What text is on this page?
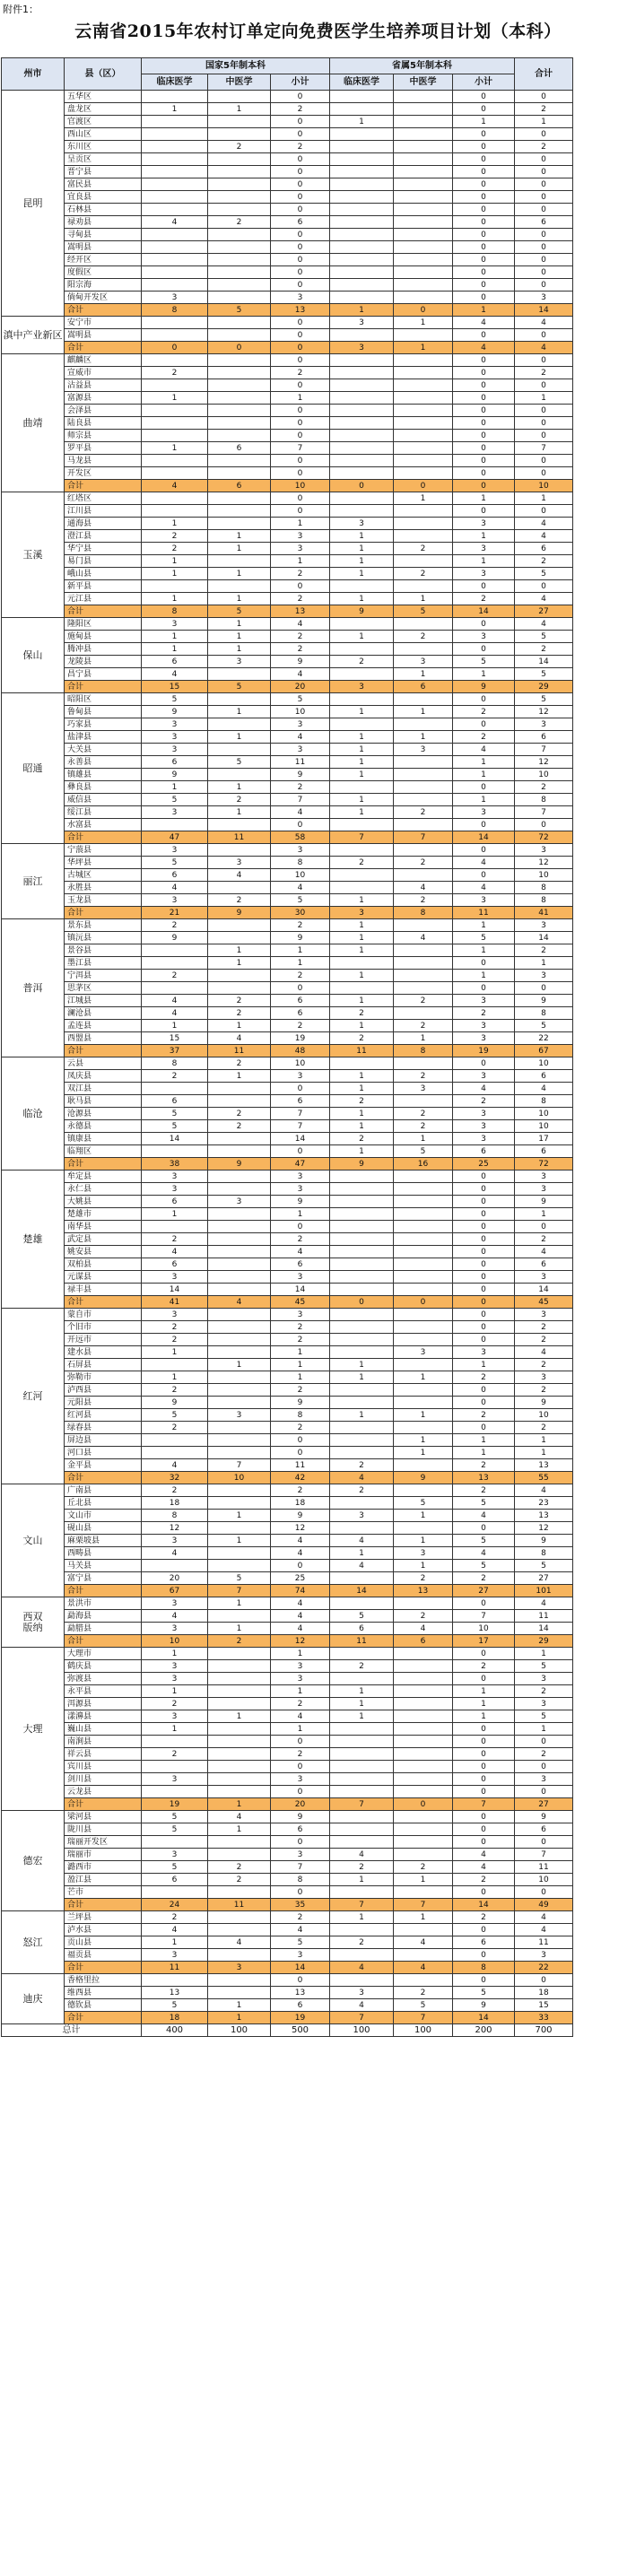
附件1：
云南省2015年农村订单定向免费医学生培养项目计划（本科）
州市	县（区）	国家5年制本科			省属5年制本科			合计
		临床医学	中医学	小计	临床医学	中医学	小计	
昆明	五华区			0			0	0
	盘龙区	1	1	2			0	2
	官渡区			0	1		1	1
	西山区			0			0	0
	东川区		2	2			0	2
	呈贡区			0			0	0
	晋宁县			0			0	0
	富民县			0			0	0
	宜良县			0			0	0
	石林县			0			0	0
	禄劝县	4	2	6			0	6
	寻甸县			0			0	0
	嵩明县			0			0	0
	经开区			0			0	0
	度假区			0			0	0
	阳宗海			0			0	0
	倘甸开发区	3		3			0	3
	合计	8	5	13	1	0	1	14
滇中产业新区	安宁市			0	3	1	4	4
	嵩明县			0			0	0
	合计	0	0	0	3	1	4	4
曲靖	麒麟区			0			0	0
	宣威市	2		2			0	2
	沾益县			0			0	0
	富源县	1		1			0	1
	会泽县			0			0	0
	陆良县			0			0	0
	师宗县			0			0	0
	罗平县	1	6	7			0	7
	马龙县			0			0	0
	开发区			0			0	0
	合计	4	6	10	0	0	0	10
玉溪	红塔区			0		1	1	1
	江川县			0			0	0
	通海县	1		1	3		3	4
	澄江县	2	1	3	1		1	4
	华宁县	2	1	3	1	2	3	6
	易门县	1		1	1		1	2
	峨山县	1	1	2	1	2	3	5
	新平县			0			0	0
	元江县	1	1	2	1	1	2	4
	合计	8	5	13	9	5	14	27
保山	隆阳区	3	1	4			0	4
	施甸县	1	1	2	1	2	3	5
	腾冲县	1	1	2			0	2
	龙陵县	6	3	9	2	3	5	14
	昌宁县	4		4		1	1	5
	合计	15	5	20	3	6	9	29
昭通	昭阳区	5		5			0	5
	鲁甸县	9	1	10	1	1	2	12
	巧家县	3		3			0	3
	盐津县	3	1	4	1	1	2	6
	大关县	3		3	1	3	4	7
	永善县	6	5	11	1		1	12
	镇雄县	9		9	1		1	10
	彝良县	1	1	2			0	2
	威信县	5	2	7	1		1	8
	绥江县	3	1	4	1	2	3	7
	水富县			0			0	0
	合计	47	11	58	7	7	14	72
丽江	宁蒗县	3		3			0	3
	华坪县	5	3	8	2	2	4	12
	古城区	6	4	10			0	10
	永胜县	4		4		4	4	8
	玉龙县	3	2	5	1	2	3	8
	合计	21	9	30	3	8	11	41
普洱	景东县	2		2	1		1	3
	镇沅县	9		9	1	4	5	14
	景谷县		1	1	1		1	2
	墨江县		1	1			0	1
	宁洱县	2		2	1		1	3
	思茅区			0			0	0
	江城县	4	2	6	1	2	3	9
	澜沧县	4	2	6	2		2	8
	孟连县	1	1	2	1	2	3	5
	西盟县	15	4	19	2	1	3	22
	合计	37	11	48	11	8	19	67
临沧	云县	8	2	10			0	10
	凤庆县	2	1	3	1	2	3	6
	双江县			0	1	3	4	4
	耿马县	6		6	2		2	8
	沧源县	5	2	7	1	2	3	10
	永德县	5	2	7	1	2	3	10
	镇康县	14		14	2	1	3	17
	临翔区			0	1	5	6	6
	合计	38	9	47	9	16	25	72
楚雄	牟定县	3		3			0	3
	永仁县	3		3			0	3
	大姚县	6	3	9			0	9
	楚雄市	1		1			0	1
	南华县			0			0	0
	武定县	2		2			0	2
	姚安县	4		4			0	4
	双柏县	6		6			0	6
	元谋县	3		3			0	3
	禄丰县	14		14			0	14
	合计	41	4	45	0	0	0	45
红河	蒙自市	3		3			0	3
	个旧市	2		2			0	2
	开远市	2		2			0	2
	建水县	1		1		3	3	4
	石屏县		1	1	1		1	2
	弥勒市	1		1	1	1	2	3
	泸西县	2		2			0	2
	元阳县	9		9			0	9
	红河县	5	3	8	1	1	2	10
	绿春县	2		2			0	2
	屏边县			0		1	1	1
	河口县			0		1	1	1
	金平县	4	7	11	2		2	13
	合计	32	10	42	4	9	13	55
文山	广南县	2		2	2		2	4
	丘北县	18		18		5	5	23
	文山市	8	1	9	3	1	4	13
	砚山县	12		12			0	12
	麻栗坡县	3	1	4	4	1	5	9
	西畴县	4		4	1	3	4	8
	马关县			0	4	1	5	5
	富宁县	20	5	25		2	2	27
	合计	67	7	74	14	13	27	101
西双
版纳	景洪市	3	1	4			0	4
	勐海县	4		4	5	2	7	11
	勐腊县	3	1	4	6	4	10	14
	合计	10	2	12	11	6	17	29
大理	大理市	1		1			0	1
	鹤庆县	3		3	2		2	5
	弥渡县	3		3			0	3
	永平县	1		1	1		1	2
	洱源县	2		2	1		1	3
	漾濞县	3	1	4	1		1	5
	巍山县	1		1			0	1
	南涧县			0			0	0
	祥云县	2		2			0	2
	宾川县			0			0	0
	剑川县	3		3			0	3
	云龙县			0			0	0
	合计	19	1	20	7	0	7	27
德宏	梁河县	5	4	9			0	9
	陇川县	5	1	6			0	6
	瑞丽开发区			0			0	0
	瑞丽市	3		3	4		4	7
	潞西市	5	2	7	2	2	4	11
	盈江县	6	2	8	1	1	2	10
	芒市			0			0	0
	合计	24	11	35	7	7	14	49
怒江	兰坪县	2		2	1	1	2	4
	泸水县	4		4			0	4
	贡山县	1	4	5	2	4	6	11
	福贡县	3		3			0	3
	合计	11	3	14	4	4	8	22
迪庆	香格里拉			0			0	0
	维西县	13		13	3	2	5	18
	德钦县	5	1	6	4	5	9	15
	合计	18	1	19	7	7	14	33
总计		400	100	500	100	100	200	700
